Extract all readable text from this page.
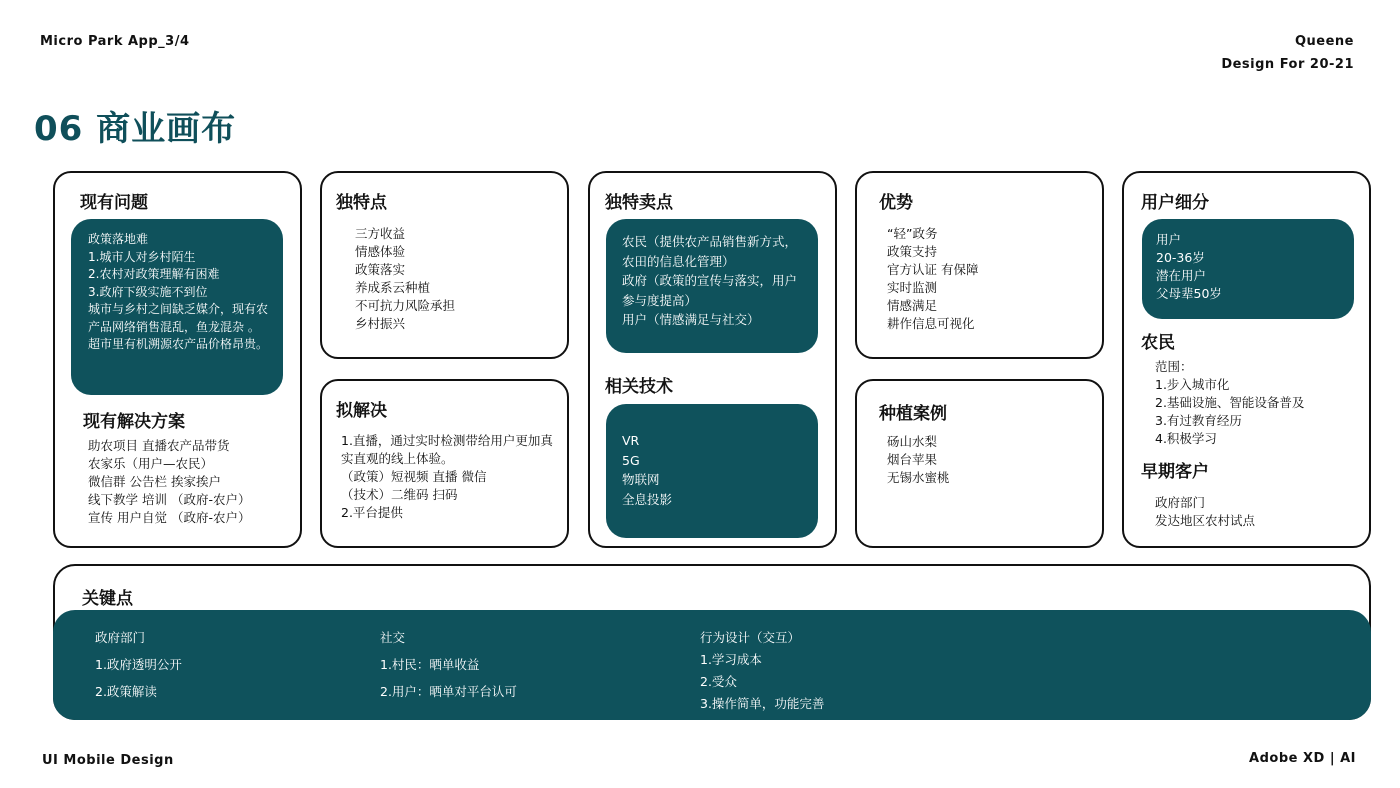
Micro Park App_3/4	Queene
Design For 20-21
06 商业画布
UI Mobile Design	Adobe XD | AI
现有问题
政策落地难
1.城市人对乡村陌生
2.农村对政策理解有困难
3.政府下级实施不到位
城市与乡村之间缺乏媒介，现有农产品网络销售混乱，鱼龙混杂 。
超市里有机溯源农产品价格昂贵。
现有解决方案
助农项目 直播农产品带货
农家乐（用户—农民）
微信群 公告栏 挨家挨户
线下教学 培训 （政府-农户）
宣传 用户自觉 （政府-农户）
独特点
三方收益
情感体验
政策落实
养成系云种植
不可抗力风险承担
乡村振兴
拟解决
1.直播，通过实时检测带给用户更加真实直观的线上体验。
（政策）短视频 直播 微信
（技术）二维码 扫码
2.平台提供
独特卖点
农民（提供农产品销售新方式，农田的信息化管理）
政府（政策的宣传与落实，用户参与度提高）
用户（情感满足与社交）
相关技术
VR
5G
物联网
全息投影
优势
“轻”政务
政策支持
官方认证 有保障
实时监测
情感满足
耕作信息可视化
种植案例
砀山水梨
烟台苹果
无锡水蜜桃
用户细分
用户
20-36岁
潜在用户
父母辈50岁
农民
范围：
1.步入城市化
2.基础设施、智能设备普及
3.有过教育经历
4.积极学习
早期客户
政府部门
发达地区农村试点
关键点
政府部门
1.政府透明公开
2.政策解读
社交
1.村民：晒单收益
2.用户：晒单对平台认可
行为设计（交互）
1.学习成本
2.受众
3.操作简单，功能完善
